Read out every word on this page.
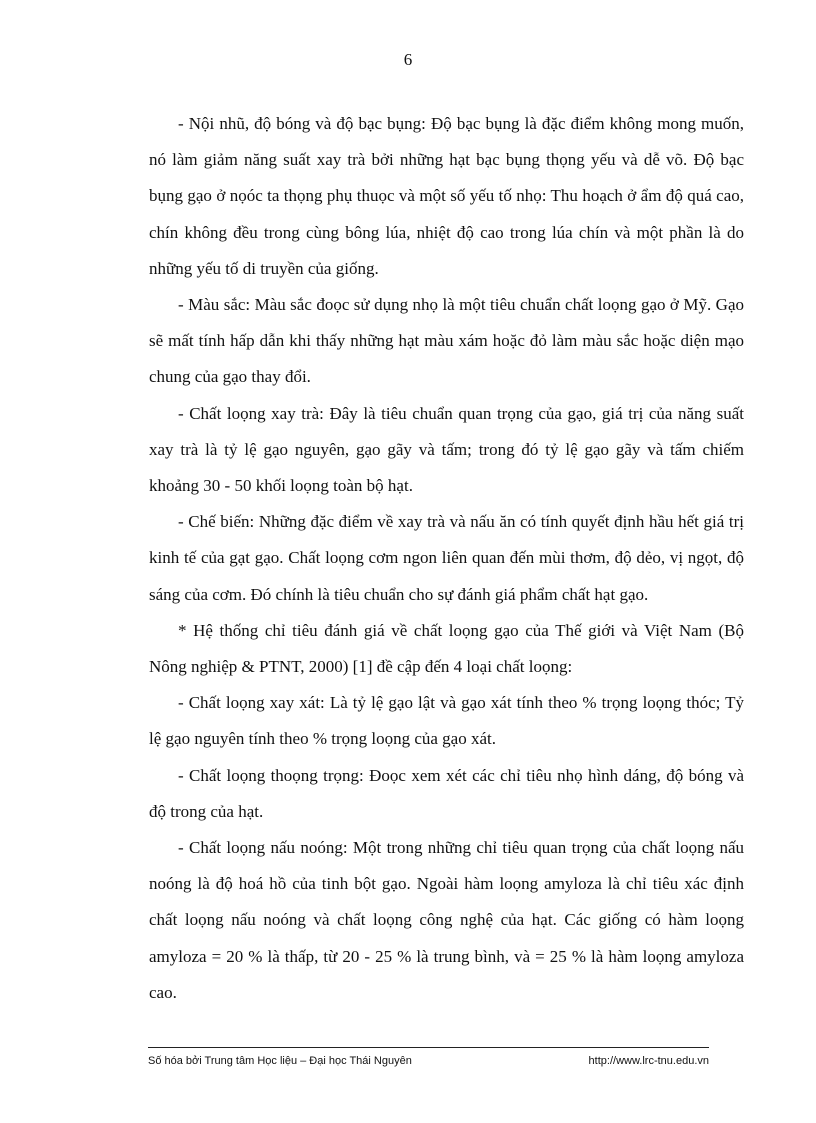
6

- Nội nhũ, độ bóng và độ bạc bụng: Độ bạc bụng là đặc điểm không mong muốn, nó làm giảm năng suất xay trà bởi những hạt bạc bụng thọng yếu và dễ võ. Độ bạc bụng gạo ở nọóc ta thọng phụ thuọc và một số yếu tố nhọ: Thu hoạch ở ẩm độ quá cao, chín không đều trong cùng bông lúa, nhiệt độ cao trong lúa chín và một phần là do những yếu tố di truyền của giống.

- Màu sắc: Màu sắc đoọc sử dụng nhọ là một tiêu chuẩn chất loọng gạo ở Mỹ. Gạo sẽ mất tính hấp dẫn khi thấy những hạt màu xám hoặc đỏ làm màu sắc hoặc diện mạo chung của gạo thay đổi.

- Chất loọng xay trà: Đây là tiêu chuẩn quan trọng của gạo, giá trị của năng suất xay trà là tỷ lệ gạo nguyên, gạo gãy và tấm; trong đó tỷ lệ gạo gãy và tấm chiếm khoảng 30 - 50 khối loọng toàn bộ hạt.

- Chế biến: Những đặc điểm về xay trà và nấu ăn có tính quyết định hầu hết giá trị kinh tế của gạt gạo. Chất loọng cơm ngon liên quan đến mùi thơm, độ dẻo, vị ngọt, độ sáng của cơm. Đó chính là tiêu chuẩn cho sự đánh giá phẩm chất hạt gạo.

* Hệ thống chỉ tiêu đánh giá về chất loọng gạo của Thế giới và Việt Nam (Bộ Nông nghiệp & PTNT, 2000) [1] đề cập đến 4 loại chất loọng:

- Chất loọng xay xát: Là tỷ lệ gạo lật và gạo xát tính theo % trọng loọng thóc; Tỷ lệ gạo nguyên tính theo % trọng loọng của gạo xát.

- Chất loọng thoọng trọng: Đoọc xem xét các chỉ tiêu nhọ hình dáng, độ bóng và độ trong của hạt.

- Chất loọng nấu noóng: Một trong những chỉ tiêu quan trọng của chất loọng nấu noóng là độ hoá hồ của tinh bột gạo. Ngoài hàm loọng amyloza là chỉ tiêu xác định chất loọng nấu noóng và chất loọng công nghệ của hạt. Các giống có hàm loọng amyloza = 20 % là thấp, từ 20 - 25 % là trung bình, và = 25 % là hàm loọng amyloza cao.

Số hóa bởi Trung tâm Học liệu – Đại học Thái Nguyên	http://www.lrc-tnu.edu.vn
